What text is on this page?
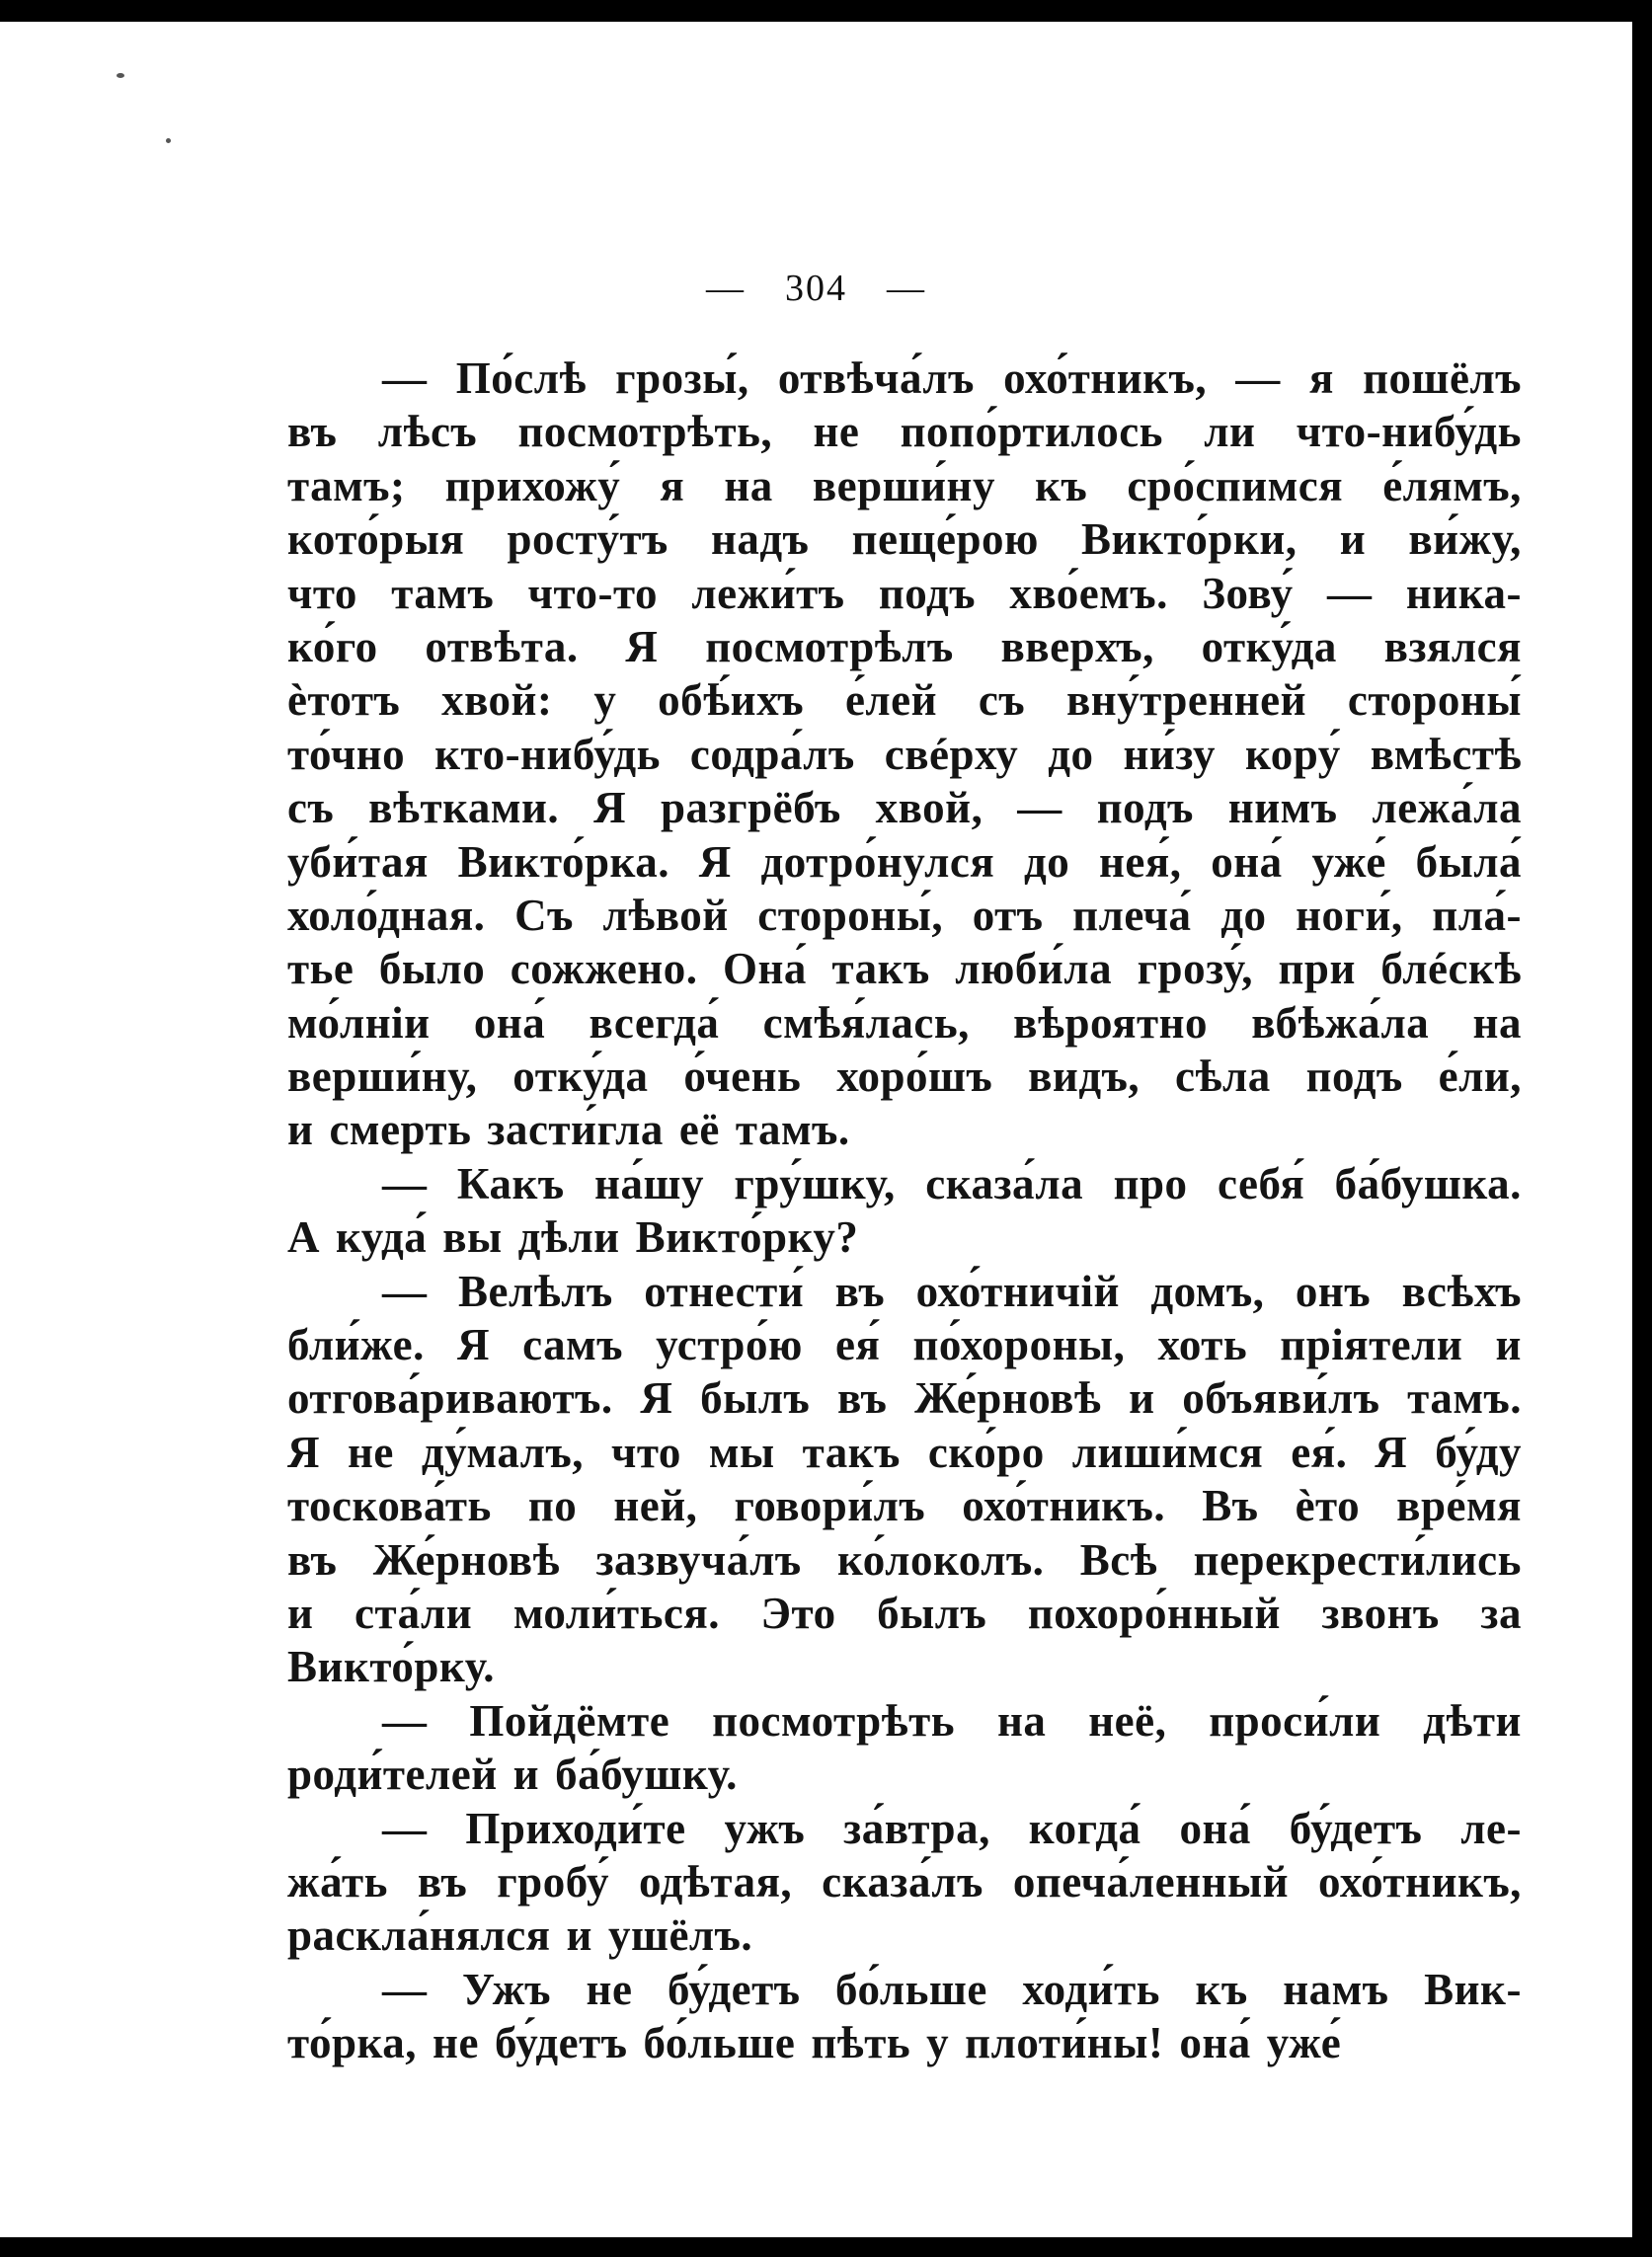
— 304 —
— По́слѣ грозы́, отвѣча́лъ охо́тникъ, — я пошёлъ
въ лѣсъ посмотрѣть, не попо́ртилось ли что-нибу́дь
тамъ; прихожу́ я на верши́ну къ сро́спимся е́лямъ,
кото́рыя росту́тъ надъ пеще́рою Викто́рки, и ви́жу,
что тамъ что-то лежи́тъ подъ хво́емъ. Зову́ — ника-
ко́го отвѣта. Я посмотрѣлъ вверхъ, отку́да взялся
ѐтотъ хвой: у обѣ́ихъ е́лей съ вну́тренней стороны́
то́чно кто-нибу́дь содра́лъ свéрху до ни́зу кору́ вмѣстѣ
съ вѣтками. Я разгрёбъ хвой, — подъ нимъ лежа́ла
уби́тая Викто́рка. Я дотро́нулся до нея́, она́ уже́ была́
холо́дная. Съ лѣвой стороны́, отъ плеча́ до ноги́, пла́-
тье было сожжено. Она́ такъ люби́ла грозу́, при блéскѣ
мо́лніи она́ всегда́ смѣя́лась, вѣроятно вбѣжа́ла на
верши́ну, отку́да о́чень хоро́шъ видъ, сѣла подъ е́ли,
и смерть засти́гла её тамъ.
— Какъ на́шу гру́шку, сказа́ла про себя́ ба́бушка.
А куда́ вы дѣли Викто́рку?
— Велѣлъ отнести́ въ охо́тничій домъ, онъ всѣхъ
бли́же. Я самъ устро́ю ея́ по́хороны, хоть пріятели и
отгова́риваютъ. Я былъ въ Же́рновѣ и объяви́лъ тамъ.
Я не ду́малъ, что мы такъ ско́ро лиши́мся ея́. Я бу́ду
тоскова́ть по ней, говори́лъ охо́тникъ. Въ ѐто вре́мя
въ Же́рновѣ зазвуча́лъ ко́локолъ. Всѣ перекрести́лись
и ста́ли моли́ться. Это былъ похоро́нный звонъ за
Викто́рку.
— Пойдёмте посмотрѣть на неё, проси́ли дѣти
роди́телей и ба́бушку.
— Приходи́те ужъ за́втра, когда́ она́ бу́детъ ле-
жа́ть въ гробу́ одѣтая, сказа́лъ опеча́ленный охо́тникъ,
раскла́нялся и ушёлъ.
— Ужъ не бу́детъ бо́льше ходи́ть къ намъ Вик-
то́рка, не бу́детъ бо́льше пѣть у плоти́ны! она́ уже́
